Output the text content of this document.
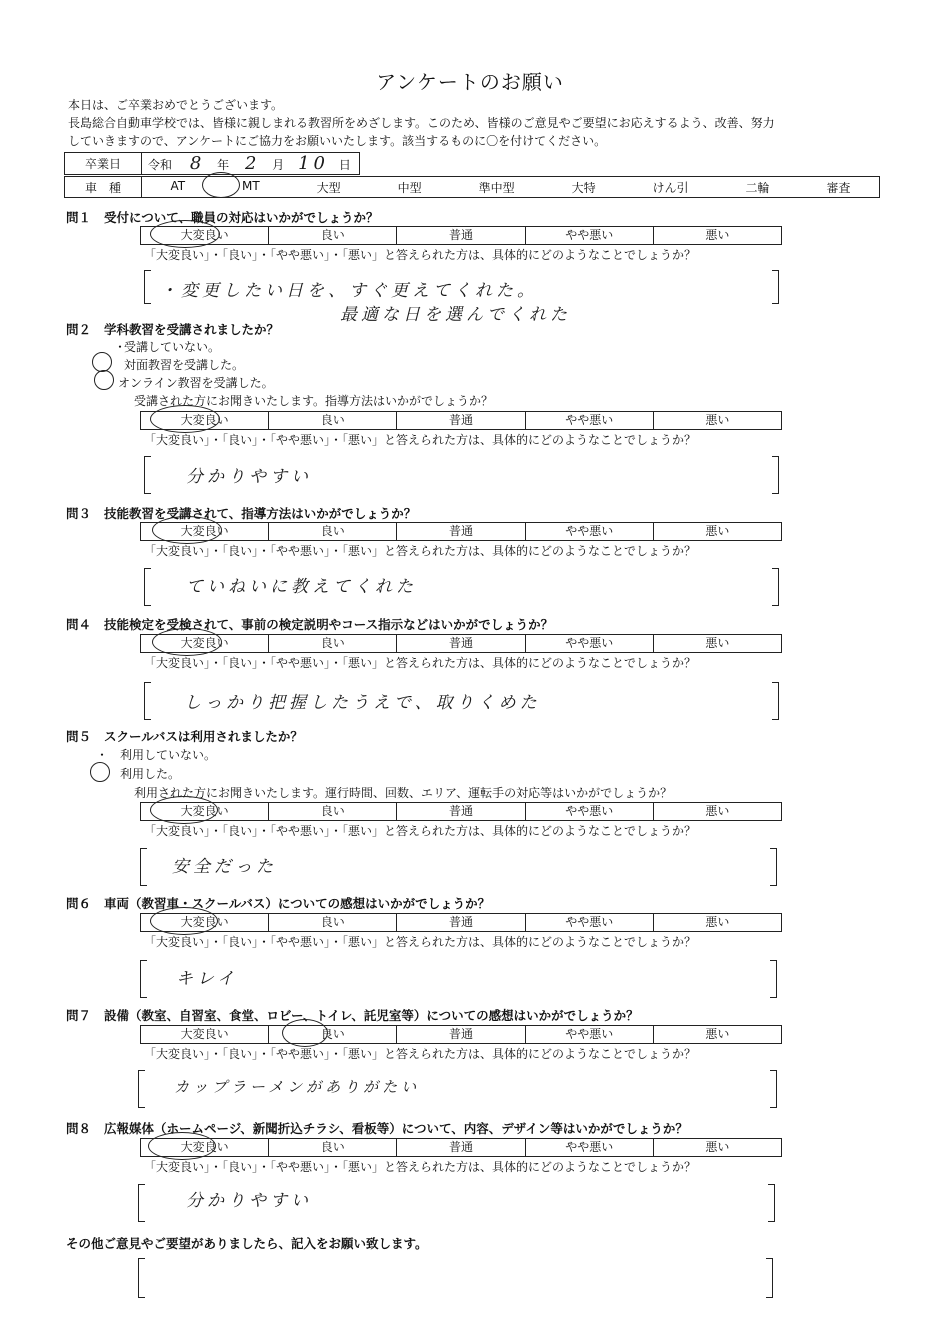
アンケートのお願い
本日は、ご卒業おめでとうございます。
長島総合自動車学校では、皆様に親しまれる教習所をめざします。このため、皆様のご意見やご要望にお応えするよう、改善、努力
していきますので、アンケートにご協力をお願いいたします。該当するものに〇を付けてください。
卒業日	令和 8 年 2 月 10 日
車　種	AT	MT	大型	中型	準中型	大特	けん引	二輪	審査
問１ 受付について、職員の対応はいかがでしょうか？
大変良い	良い	普通	やや悪い	悪い
「大変良い」・「良い」・「やや悪い」・「悪い」と答えられた方は、具体的にどのようなことでしょうか？
・変更したい日を、すぐ更えてくれた。
最適な日を選んでくれた
問２ 学科教習を受講されましたか？
・
受講していない。
対面教習を受講した。
オンライン教習を受講した。
受講された方にお聞きいたします。指導方法はいかがでしょうか？
大変良い	良い	普通	やや悪い	悪い
「大変良い」・「良い」・「やや悪い」・「悪い」と答えられた方は、具体的にどのようなことでしょうか？
分かりやすい
問３ 技能教習を受講されて、指導方法はいかがでしょうか？
大変良い	良い	普通	やや悪い	悪い
「大変良い」・「良い」・「やや悪い」・「悪い」と答えられた方は、具体的にどのようなことでしょうか？
ていねいに教えてくれた
問４ 技能検定を受検されて、事前の検定説明やコース指示などはいかがでしょうか？
大変良い	良い	普通	やや悪い	悪い
「大変良い」・「良い」・「やや悪い」・「悪い」と答えられた方は、具体的にどのようなことでしょうか？
しっかり把握したうえで、取りくめた
問５ スクールバスは利用されましたか？
・ 利用していない。
利用した。
利用された方にお聞きいたします。運行時間、回数、エリア、運転手の対応等はいかがでしょうか？
大変良い	良い	普通	やや悪い	悪い
「大変良い」・「良い」・「やや悪い」・「悪い」と答えられた方は、具体的にどのようなことでしょうか？
安全だった
問６ 車両（教習車・スクールバス）についての感想はいかがでしょうか？
大変良い	良い	普通	やや悪い	悪い
「大変良い」・「良い」・「やや悪い」・「悪い」と答えられた方は、具体的にどのようなことでしょうか？
キレイ
問７ 設備（教室、自習室、食堂、ロビー、トイレ、託児室等）についての感想はいかがでしょうか？
大変良い	良い	普通	やや悪い	悪い
「大変良い」・「良い」・「やや悪い」・「悪い」と答えられた方は、具体的にどのようなことでしょうか？
カップラーメンがありがたい
問８ 広報媒体（ホームページ、新聞折込チラシ、看板等）について、内容、デザイン等はいかがでしょうか？
大変良い	良い	普通	やや悪い	悪い
「大変良い」・「良い」・「やや悪い」・「悪い」と答えられた方は、具体的にどのようなことでしょうか？
分かりやすい
その他ご意見やご要望がありましたら、記入をお願い致します。
